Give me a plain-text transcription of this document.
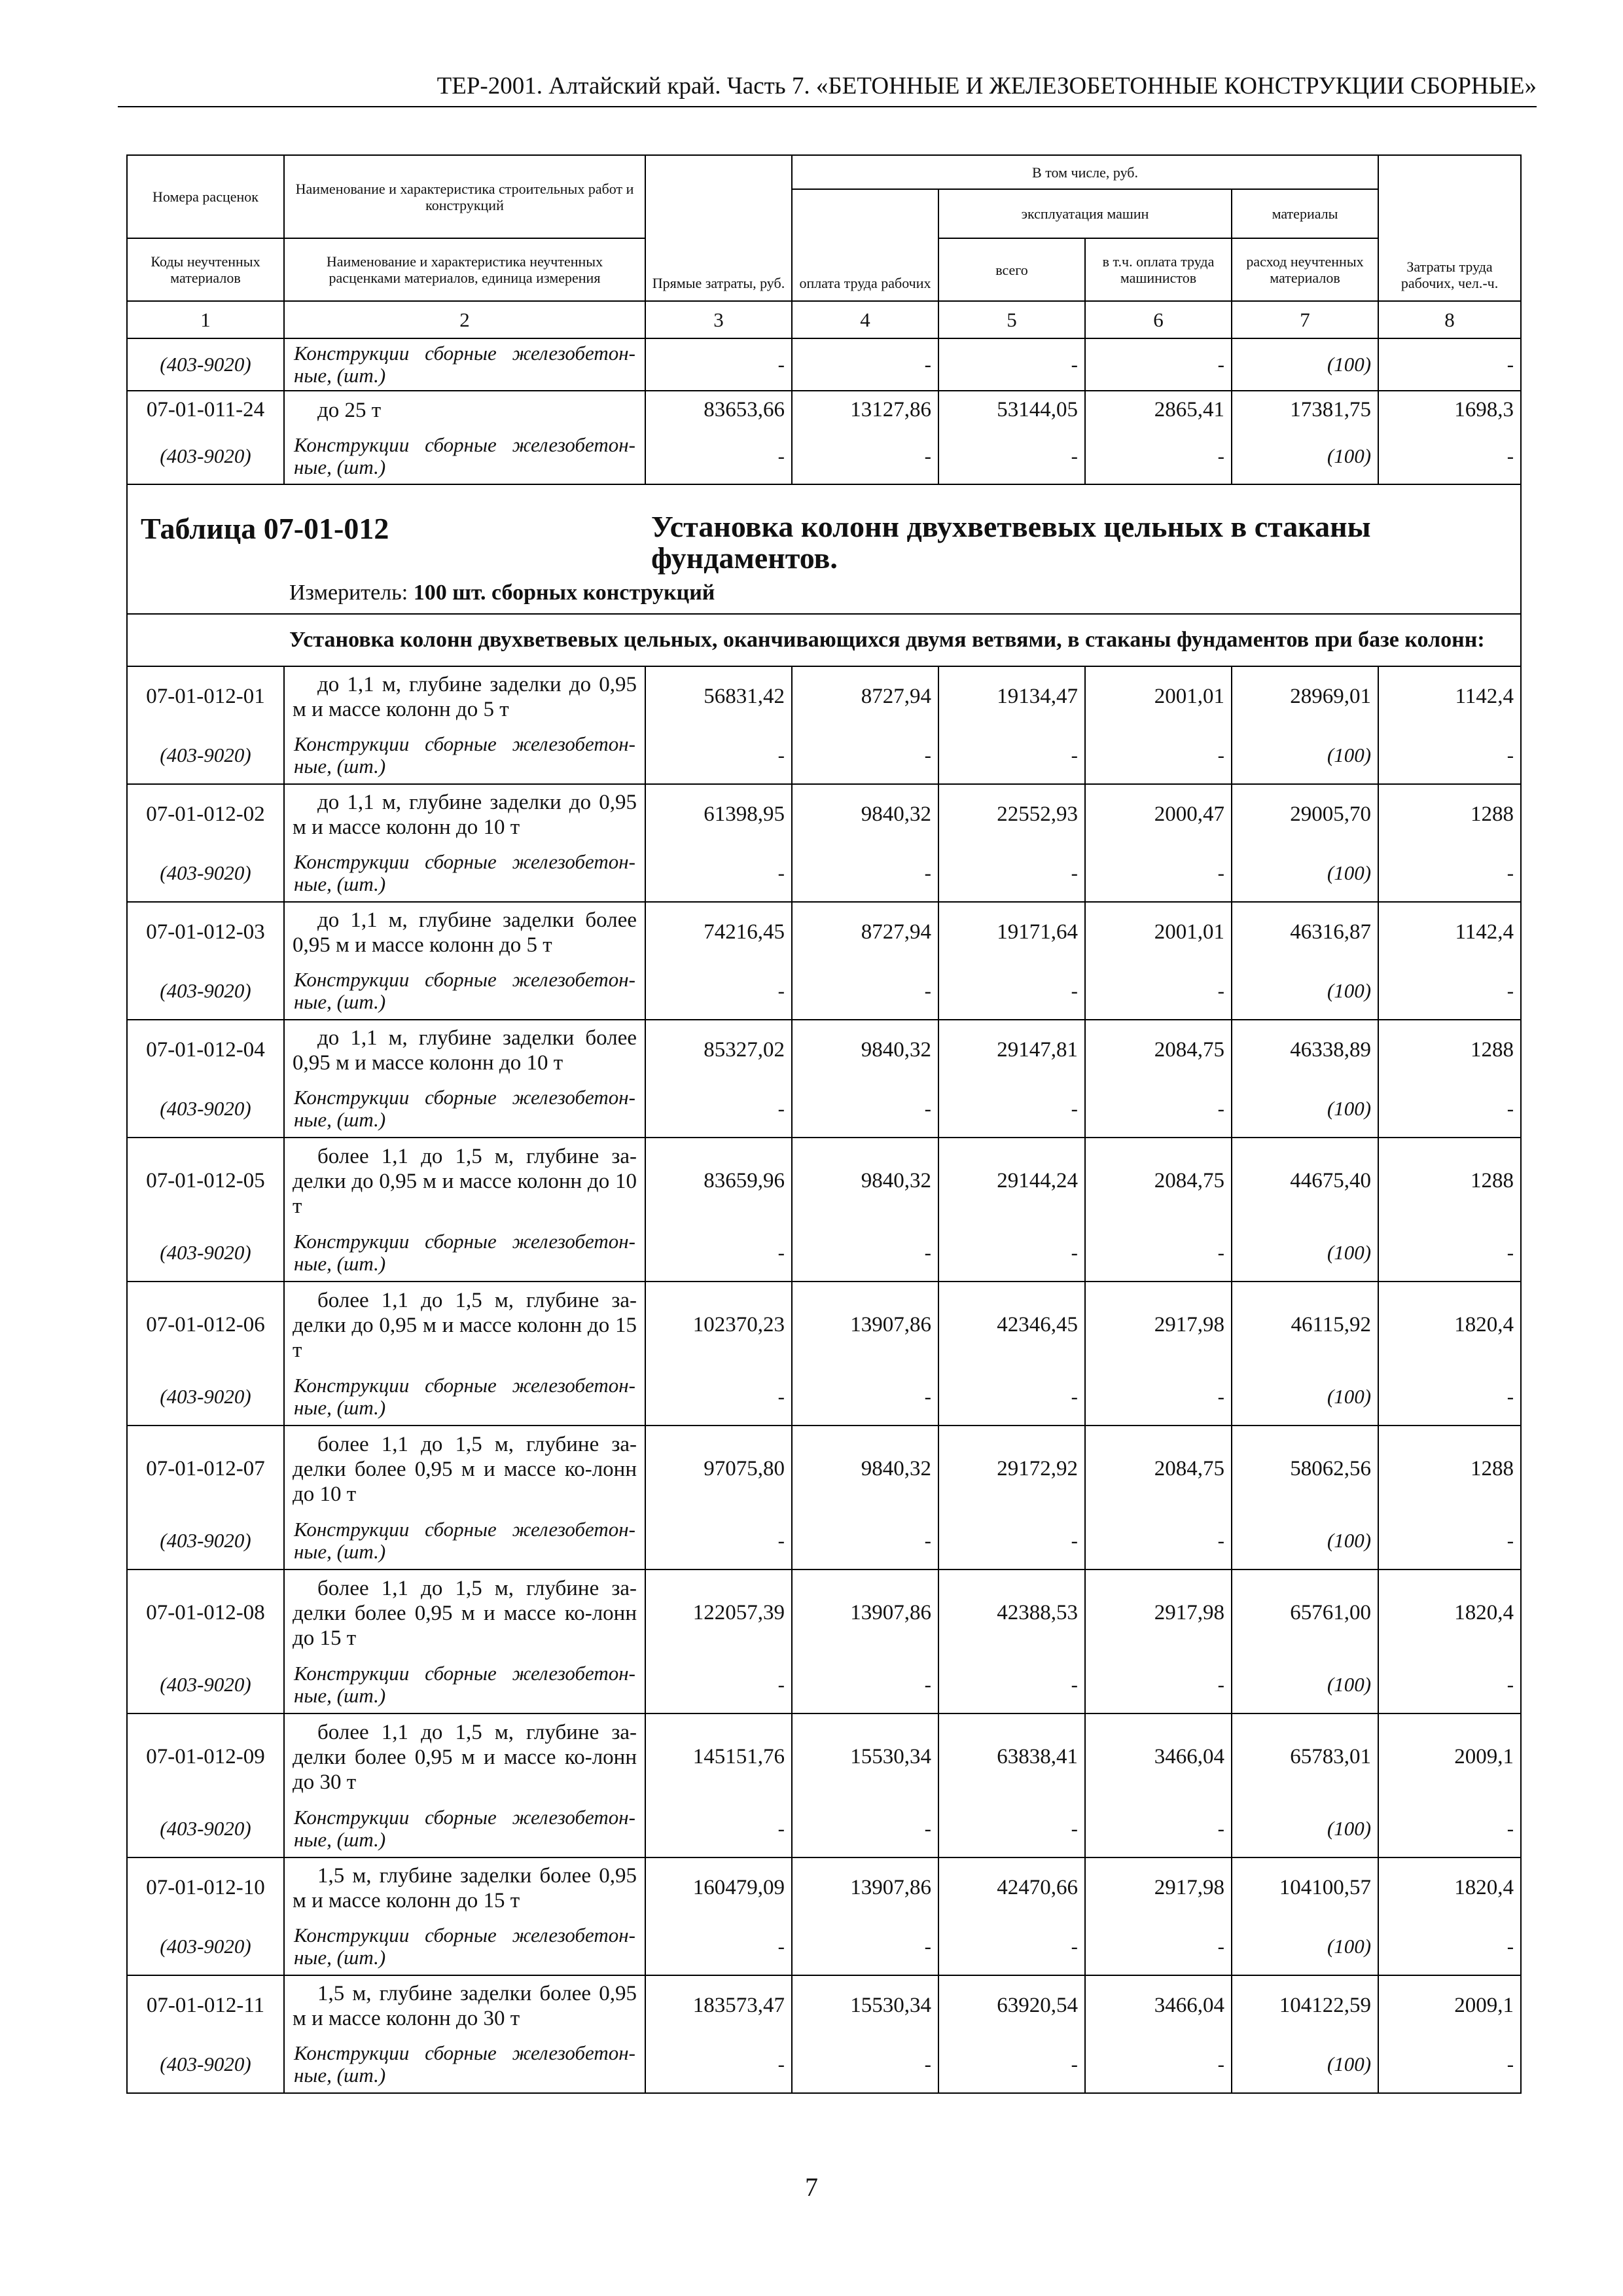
ТЕР-2001. Алтайский край. Часть 7. «БЕТОННЫЕ И ЖЕЛЕЗОБЕТОННЫЕ КОНСТРУКЦИИ СБОРНЫЕ»
Номера расценок	Наименование и характеристика строительных работ и конструкций	Прямые затраты, руб.	В том числе, руб.				Затраты труда рабочих, чел.-ч.
			оплата труда рабочих	эксплуатация машин		материалы	
Коды неучтенных материалов	Наименование и характеристика неучтенных расценками материалов, единица измерения			всего	в т.ч. оплата труда машинистов	расход неучтенных материалов	
1	2	3	4	5	6	7	8
(403-9020)	Конструкции сборные железобетон-ные, (шт.)	-	-	-	-	(100)	-
07-01-011-24	до 25 т	83653,66	13127,86	53144,05	2865,41	17381,75	1698,3
(403-9020)	Конструкции сборные железобетон-ные, (шт.)	-	-	-	-	(100)	-

Таблица 07-01-012 Установка колонн двухветвевых цельных в стаканы фундаментов.
Измеритель: 100 шт. сборных конструкций							

Установка колонн двухветвевых цельных, оканчивающихся двумя ветвями, в стаканы фундаментов при базе колонн:							
07-01-012-01	до 1,1 м, глубине заделки до 0,95 м и массе колонн до 5 т	56831,42	8727,94	19134,47	2001,01	28969,01	1142,4
(403-9020)	Конструкции сборные железобетон-ные, (шт.)	-	-	-	-	(100)	-
07-01-012-02	до 1,1 м, глубине заделки до 0,95 м и массе колонн до 10 т	61398,95	9840,32	22552,93	2000,47	29005,70	1288
(403-9020)	Конструкции сборные железобетон-ные, (шт.)	-	-	-	-	(100)	-
07-01-012-03	до 1,1 м, глубине заделки более 0,95 м и массе колонн до 5 т	74216,45	8727,94	19171,64	2001,01	46316,87	1142,4
(403-9020)	Конструкции сборные железобетон-ные, (шт.)	-	-	-	-	(100)	-
07-01-012-04	до 1,1 м, глубине заделки более 0,95 м и массе колонн до 10 т	85327,02	9840,32	29147,81	2084,75	46338,89	1288
(403-9020)	Конструкции сборные железобетон-ные, (шт.)	-	-	-	-	(100)	-
07-01-012-05	более 1,1 до 1,5 м, глубине за-делки до 0,95 м и массе колонн до 10 т	83659,96	9840,32	29144,24	2084,75	44675,40	1288
(403-9020)	Конструкции сборные железобетон-ные, (шт.)	-	-	-	-	(100)	-
07-01-012-06	более 1,1 до 1,5 м, глубине за-делки до 0,95 м и массе колонн до 15 т	102370,23	13907,86	42346,45	2917,98	46115,92	1820,4
(403-9020)	Конструкции сборные железобетон-ные, (шт.)	-	-	-	-	(100)	-
07-01-012-07	более 1,1 до 1,5 м, глубине за-делки более 0,95 м и массе ко-лонн до 10 т	97075,80	9840,32	29172,92	2084,75	58062,56	1288
(403-9020)	Конструкции сборные железобетон-ные, (шт.)	-	-	-	-	(100)	-
07-01-012-08	более 1,1 до 1,5 м, глубине за-делки более 0,95 м и массе ко-лонн до 15 т	122057,39	13907,86	42388,53	2917,98	65761,00	1820,4
(403-9020)	Конструкции сборные железобетон-ные, (шт.)	-	-	-	-	(100)	-
07-01-012-09	более 1,1 до 1,5 м, глубине за-делки более 0,95 м и массе ко-лонн до 30 т	145151,76	15530,34	63838,41	3466,04	65783,01	2009,1
(403-9020)	Конструкции сборные железобетон-ные, (шт.)	-	-	-	-	(100)	-
07-01-012-10	1,5 м, глубине заделки более 0,95 м и массе колонн до 15 т	160479,09	13907,86	42470,66	2917,98	104100,57	1820,4
(403-9020)	Конструкции сборные железобетон-ные, (шт.)	-	-	-	-	(100)	-
07-01-012-11	1,5 м, глубине заделки более 0,95 м и массе колонн до 30 т	183573,47	15530,34	63920,54	3466,04	104122,59	2009,1
(403-9020)	Конструкции сборные железобетон-ные, (шт.)	-	-	-	-	(100)	-
7
